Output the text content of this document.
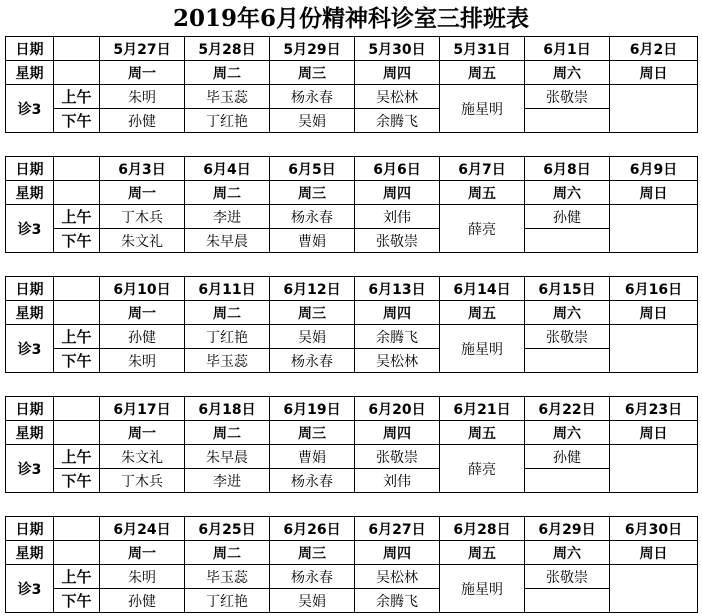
2019年6月份精神科诊室三排班表
日期		5月27日	5月28日	5月29日	5月30日	5月31日	6月1日	6月2日
星期		周一	周二	周三	周四	周五	周六	周日
诊3	上午	朱明	毕玉蕊	杨永春	吴松林	施星明	张敬崇	
	下午	孙健	丁红艳	吴娟	余腾飞			
日期		6月3日	6月4日	6月5日	6月6日	6月7日	6月8日	6月9日
星期		周一	周二	周三	周四	周五	周六	周日
诊3	上午	丁木兵	李进	杨永春	刘伟	薛亮	孙健	
	下午	朱文礼	朱早晨	曹娟	张敬崇			
日期		6月10日	6月11日	6月12日	6月13日	6月14日	6月15日	6月16日
星期		周一	周二	周三	周四	周五	周六	周日
诊3	上午	孙健	丁红艳	吴娟	余腾飞	施星明	张敬崇	
	下午	朱明	毕玉蕊	杨永春	吴松林			
日期		6月17日	6月18日	6月19日	6月20日	6月21日	6月22日	6月23日
星期		周一	周二	周三	周四	周五	周六	周日
诊3	上午	朱文礼	朱早晨	曹娟	张敬崇	薛亮	孙健	
	下午	丁木兵	李进	杨永春	刘伟			
日期		6月24日	6月25日	6月26日	6月27日	6月28日	6月29日	6月30日
星期		周一	周二	周三	周四	周五	周六	周日
诊3	上午	朱明	毕玉蕊	杨永春	吴松林	施星明	张敬崇	
	下午	孙健	丁红艳	吴娟	余腾飞			
